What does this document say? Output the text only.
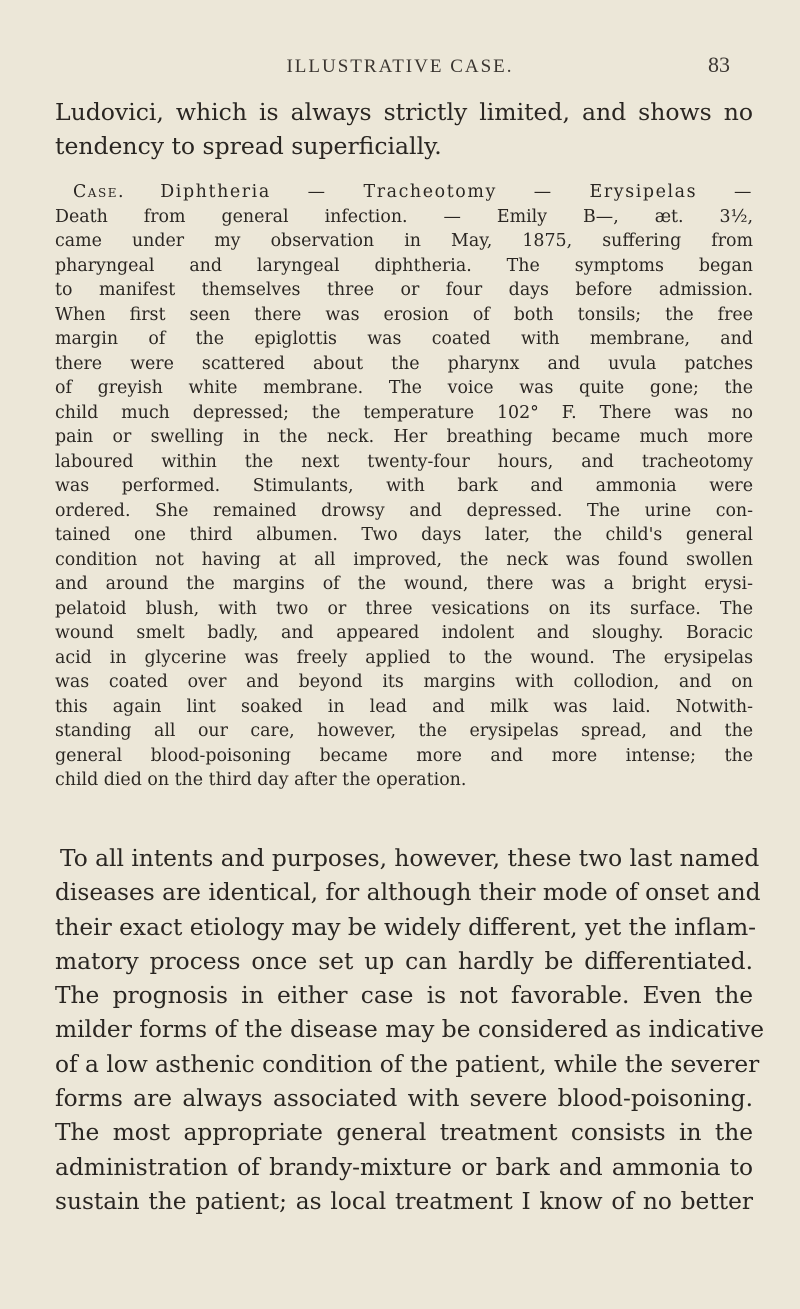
ILLUSTRATIVE CASE.	83

Ludovici, which is always strictly limited, and shows no
tendency to spread superficially.

Case. Diphtheria — Tracheotomy — Erysipelas —
Death from general infection. — Emily B—, æt. 3½,
came under my observation in May, 1875, suffering from
pharyngeal and laryngeal diphtheria. The symptoms began
to manifest themselves three or four days before admission.
When first seen there was erosion of both tonsils; the free
margin of the epiglottis was coated with membrane, and
there were scattered about the pharynx and uvula patches
of greyish white membrane. The voice was quite gone; the
child much depressed; the temperature 102° F. There was no
pain or swelling in the neck. Her breathing became much more
laboured within the next twenty-four hours, and tracheotomy
was performed. Stimulants, with bark and ammonia were
ordered. She remained drowsy and depressed. The urine con-
tained one third albumen. Two days later, the child's general
condition not having at all improved, the neck was found swollen
and around the margins of the wound, there was a bright erysi-
pelatoid blush, with two or three vesications on its surface. The
wound smelt badly, and appeared indolent and sloughy. Boracic
acid in glycerine was freely applied to the wound. The erysipelas
was coated over and beyond its margins with collodion, and on
this again lint soaked in lead and milk was laid. Notwith-
standing all our care, however, the erysipelas spread, and the
general blood-poisoning became more and more intense; the
child died on the third day after the operation.

To all intents and purposes, however, these two last named
diseases are identical, for although their mode of onset and
their exact etiology may be widely different, yet the inflam-
matory process once set up can hardly be differentiated.
The prognosis in either case is not favorable. Even the
milder forms of the disease may be considered as indicative
of a low asthenic condition of the patient, while the severer
forms are always associated with severe blood-poisoning.
The most appropriate general treatment consists in the
administration of brandy-mixture or bark and ammonia to
sustain the patient; as local treatment I know of no better
